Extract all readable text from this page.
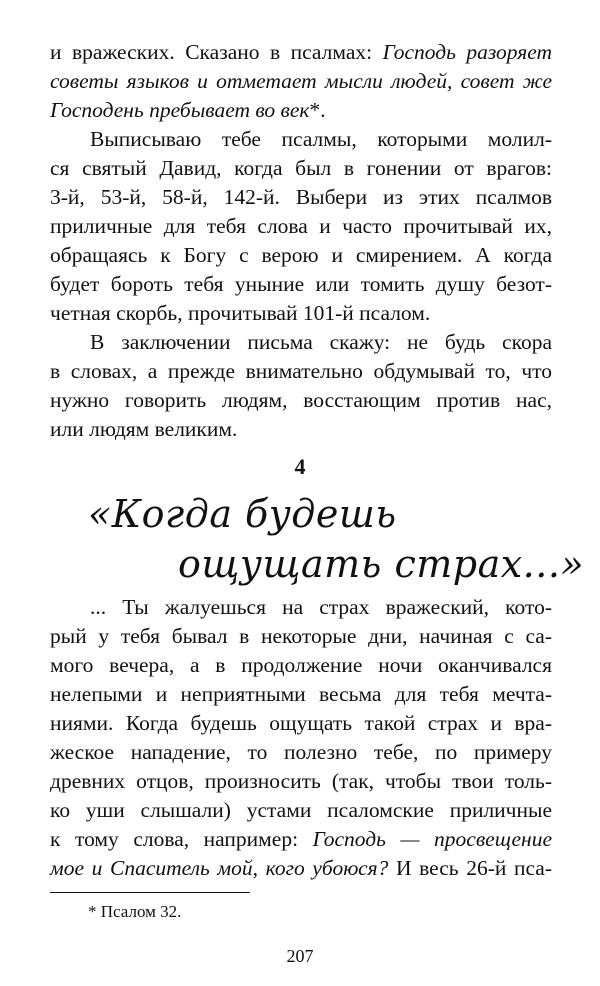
и вражеских. Сказано в псалмах: Господь разоряет
советы языков и отметает мысли людей, совет же
Господень пребывает во век*.
Выписываю тебе псалмы, которыми молил-
ся святый Давид, когда был в гонении от врагов:
3-й, 53-й, 58-й, 142-й. Выбери из этих псалмов
приличные для тебя слова и часто прочитывай их,
обращаясь к Богу с верою и смирением. А когда
будет бороть тебя уныние или томить душу безот-
четная скорбь, прочитывай 101-й псалом.
В заключении письма скажу: не будь скора
в словах, а прежде внимательно обдумывай то, что
нужно говорить людям, восстающим против нас,
или людям великим.
4
«Когда будешь
ощущать страх...»
... Ты жалуешься на страх вражеский, кото-
рый у тебя бывал в некоторые дни, начиная с са-
мого вечера, а в продолжение ночи оканчивался
нелепыми и неприятными весьма для тебя мечта-
ниями. Когда будешь ощущать такой страх и вра-
жеское нападение, то полезно тебе, по примеру
древних отцов, произносить (так, чтобы твои толь-
ко уши слышали) устами псаломские приличные
к тому слова, например: Господь — просвещение
мое и Спаситель мой, кого убоюся? И весь 26-й пса-
* Псалом 32.
207
